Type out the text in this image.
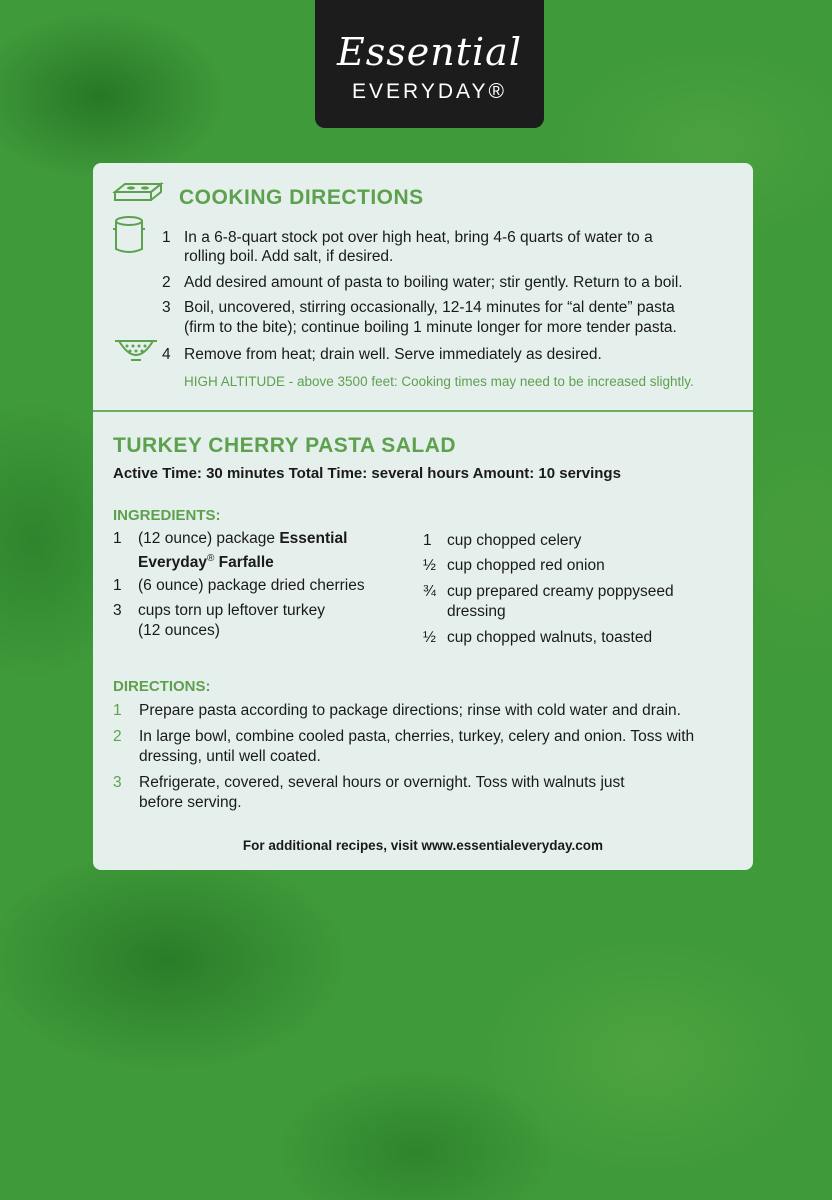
Essential
EVERYDAY®
COOKING DIRECTIONS
1 In a 6-8-quart stock pot over high heat, bring 4-6 quarts of water to a
rolling boil. Add salt, if desired.
2 Add desired amount of pasta to boiling water; stir gently. Return to a boil.
3 Boil, uncovered, stirring occasionally, 12-14 minutes for “al dente” pasta
(firm to the bite); continue boiling 1 minute longer for more tender pasta.
4 Remove from heat; drain well. Serve immediately as desired.
HIGH ALTITUDE - above 3500 feet: Cooking times may need to be increased slightly.
TURKEY CHERRY PASTA SALAD
Active Time: 30 minutes Total Time: several hours Amount: 10 servings
INGREDIENTS:
1 (12 ounce) package Essential
Everyday® Farfalle
1 (6 ounce) package dried cherries
3 cups torn up leftover turkey
(12 ounces)
1 cup chopped celery
½ cup chopped red onion
¾ cup prepared creamy poppyseed
dressing
½ cup chopped walnuts, toasted
DIRECTIONS:
1 Prepare pasta according to package directions; rinse with cold water and drain.
2 In large bowl, combine cooled pasta, cherries, turkey, celery and onion. Toss with
dressing, until well coated.
3 Refrigerate, covered, several hours or overnight. Toss with walnuts just
before serving.
For additional recipes, visit www.essentialeveryday.com
